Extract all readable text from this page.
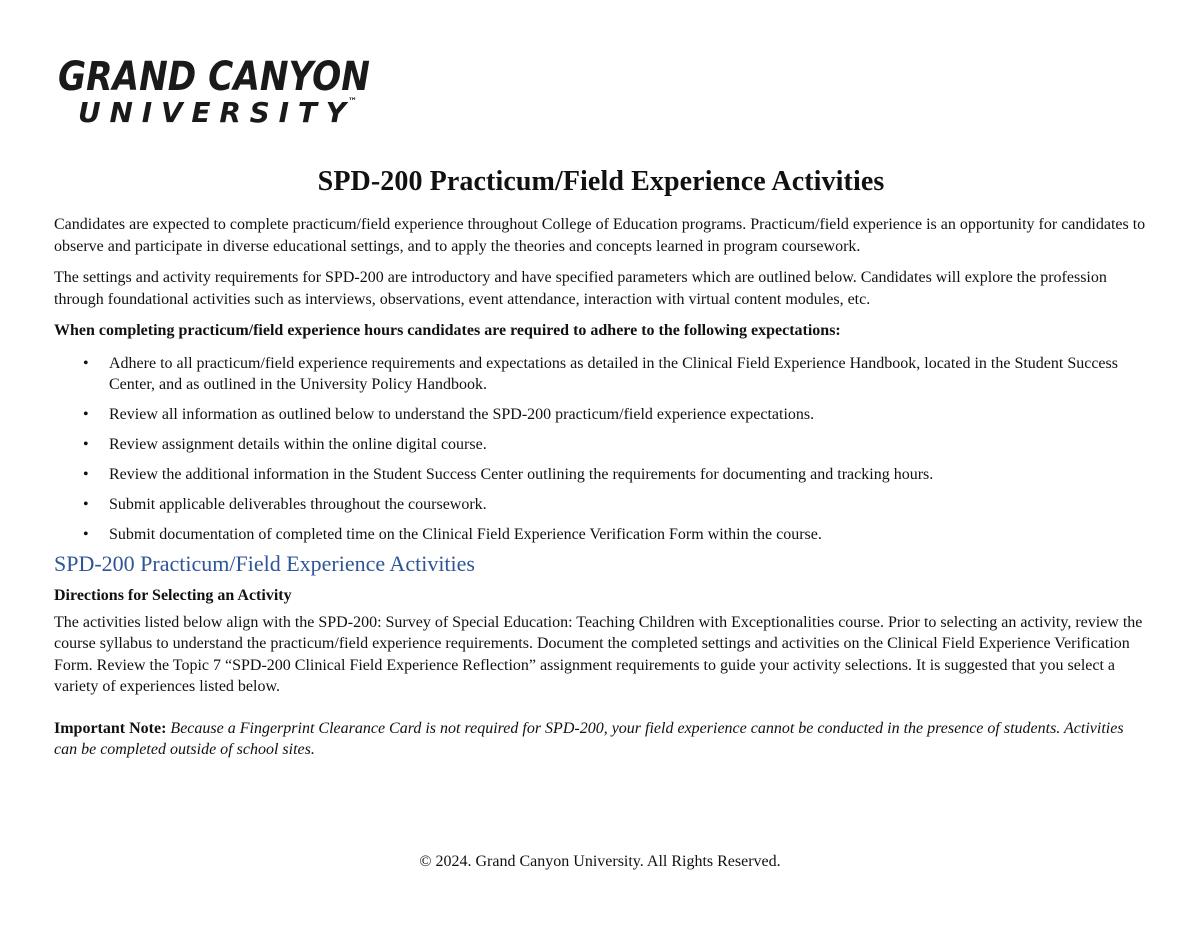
GRAND CANYON
UNIVERSITY ™
SPD-200 Practicum/Field Experience Activities

Candidates are expected to complete practicum/field experience throughout College of Education programs. Practicum/field experience is an opportunity for candidates to observe and participate in diverse educational settings, and to apply the theories and concepts learned in program coursework.

The settings and activity requirements for SPD-200 are introductory and have specified parameters which are outlined below. Candidates will explore the profession through foundational activities such as interviews, observations, event attendance, interaction with virtual content modules, etc.

When completing practicum/field experience hours candidates are required to adhere to the following expectations:

• Adhere to all practicum/field experience requirements and expectations as detailed in the Clinical Field Experience Handbook, located in the Student Success Center, and as outlined in the University Policy Handbook.
• Review all information as outlined below to understand the SPD-200 practicum/field experience expectations.
• Review assignment details within the online digital course.
• Review the additional information in the Student Success Center outlining the requirements for documenting and tracking hours.
• Submit applicable deliverables throughout the coursework.
• Submit documentation of completed time on the Clinical Field Experience Verification Form within the course.
SPD-200 Practicum/Field Experience Activities
Directions for Selecting an Activity

The activities listed below align with the SPD-200: Survey of Special Education: Teaching Children with Exceptionalities course. Prior to selecting an activity, review the course syllabus to understand the practicum/field experience requirements. Document the completed settings and activities on the Clinical Field Experience Verification Form. Review the Topic 7 “SPD-200 Clinical Field Experience Reflection” assignment requirements to guide your activity selections. It is suggested that you select a variety of experiences listed below.

Important Note: Because a Fingerprint Clearance Card is not required for SPD-200, your field experience cannot be conducted in the presence of students. Activities can be completed outside of school sites.

© 2024. Grand Canyon University. All Rights Reserved.
